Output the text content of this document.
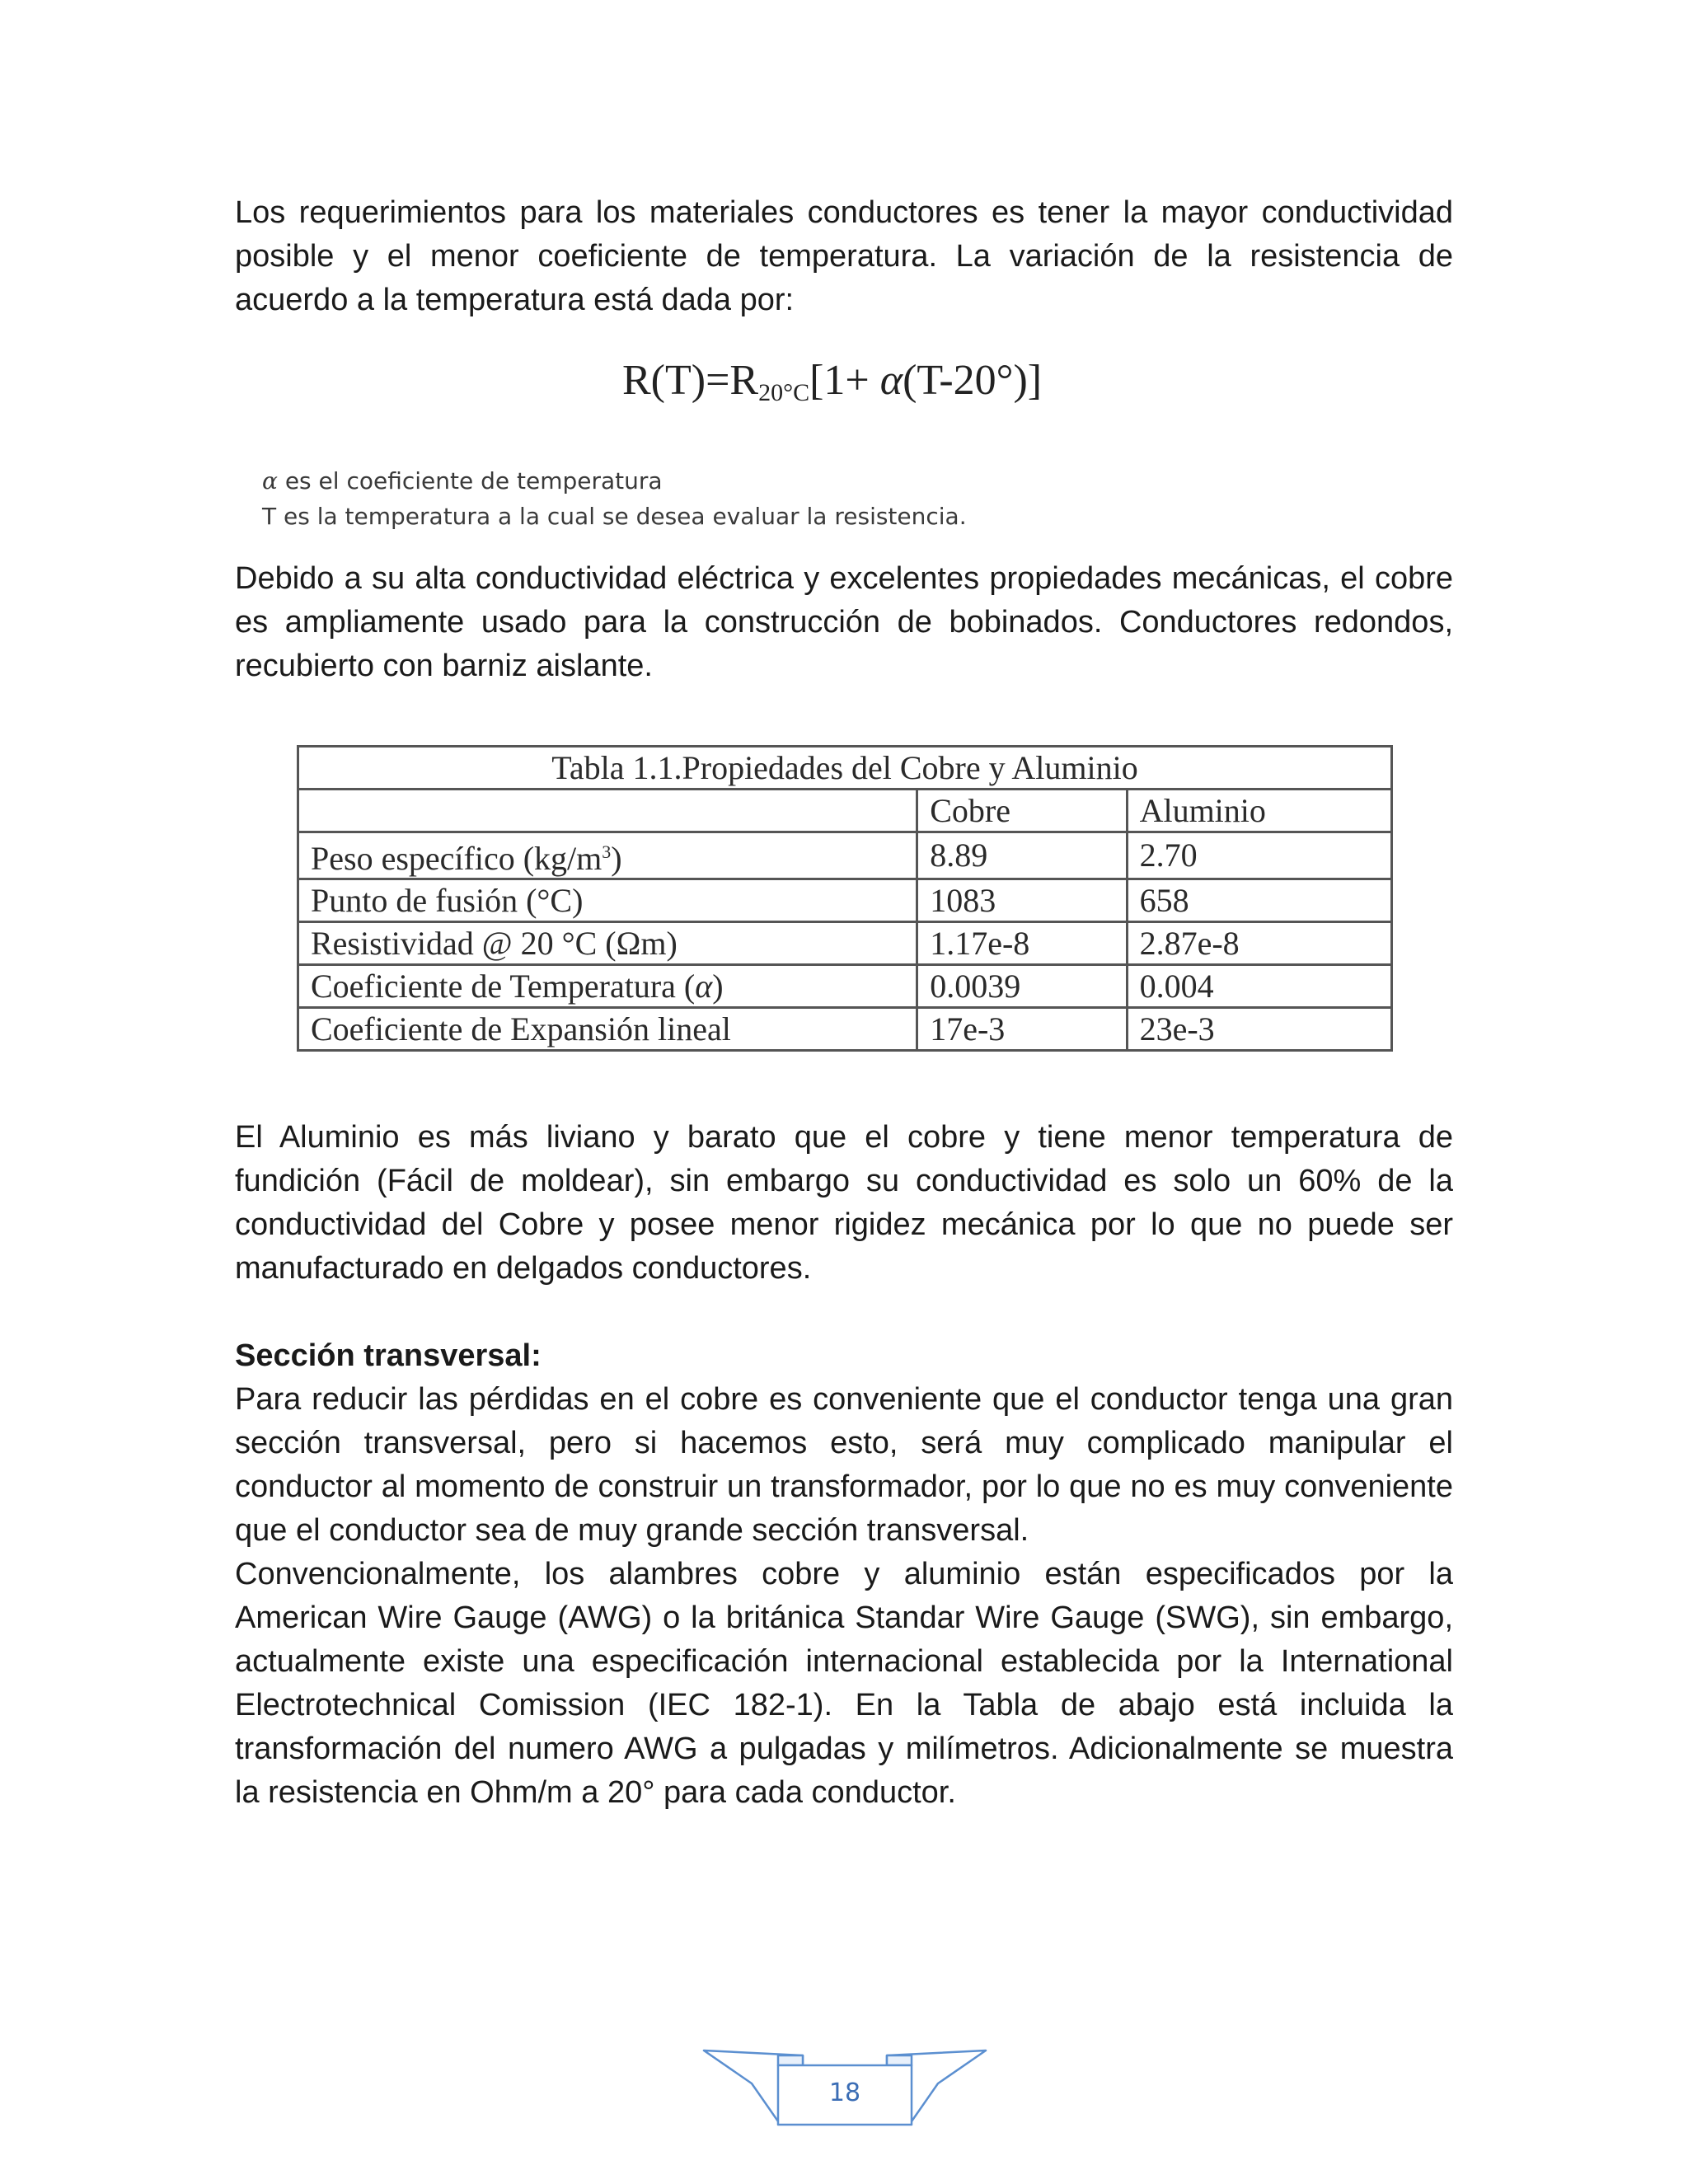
Los requerimientos para los materiales conductores es tener la mayor conductividad posible y el menor coeficiente de temperatura. La variación de la resistencia de acuerdo a la temperatura está dada por:

$R(T)=R_{20^\circ C}[1+ \alpha(T-20^\circ)]$
α es el coeficiente de temperatura
T es la temperatura a la cual se desea evaluar la resistencia.

Debido a su alta conductividad eléctrica y excelentes propiedades mecánicas, el cobre es ampliamente usado para la construcción de bobinados. Conductores redondos, recubierto con barniz aislante.

Tabla 1.1.Propiedades del Cobre y Aluminio		
	Cobre	Aluminio
Peso específico $(kg/m^3)$	8.89	2.70
Punto de fusión (°C)	1083	658
Resistividad @ 20 °C (Ωm)	1.17e-8	2.87e-8
Coeficiente de Temperatura (α)	0.0039	0.004
Coeficiente de Expansión lineal	17e-3	23e-3

El Aluminio es más liviano y barato que el cobre y tiene menor temperatura de fundición (Fácil de moldear), sin embargo su conductividad es solo un 60% de la conductividad del Cobre y posee menor rigidez mecánica por lo que no puede ser manufacturado en delgados conductores.

Sección transversal:

Para reducir las pérdidas en el cobre es conveniente que el conductor tenga una gran sección transversal, pero si hacemos esto, será muy complicado manipular el conductor al momento de construir un transformador, por lo que no es muy conveniente que el conductor sea de muy grande sección transversal.

Convencionalmente, los alambres cobre y aluminio están especificados por la American Wire Gauge (AWG) o la británica Standar Wire Gauge (SWG), sin embargo, actualmente existe una especificación internacional establecida por la International Electrotechnical Comission (IEC 182-1). En la Tabla de abajo está incluida la transformación del numero AWG a pulgadas y milímetros. Adicionalmente se muestra la resistencia en Ohm/m a 20° para cada conductor.

18
